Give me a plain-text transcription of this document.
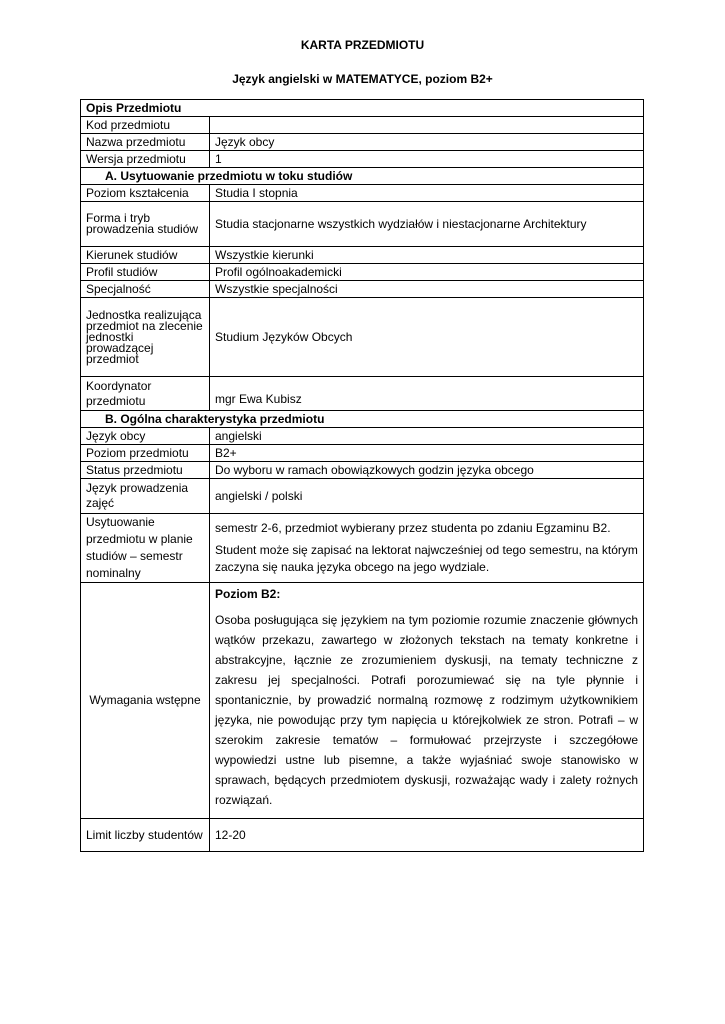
KARTA PRZEDMIOTU
Język angielski w MATEMATYCE, poziom B2+
Opis Przedmiotu	
Kod przedmiotu	
Nazwa przedmiotu	Język obcy
Wersja przedmiotu	1
A. Usytuowanie przedmiotu w toku studiów	
Poziom kształcenia	Studia I stopnia
Forma i tryb prowadzenia studiów	Studia stacjonarne wszystkich wydziałów i niestacjonarne Architektury
Kierunek studiów	Wszystkie kierunki
Profil studiów	Profil ogólnoakademicki
Specjalność	Wszystkie specjalności
Jednostka realizująca przedmiot na zlecenie jednostki prowadzącej przedmiot	Studium Języków Obcych
Koordynator przedmiotu	mgr Ewa Kubisz
B. Ogólna charakterystyka przedmiotu	
Język obcy	angielski
Poziom przedmiotu	B2+
Status przedmiotu	Do wyboru w ramach obowiązkowych godzin języka obcego
Język prowadzenia zajęć	angielski / polski
Usytuowanie przedmiotu w planie studiów – semestr nominalny	semestr 2-6, przedmiot wybierany przez studenta po zdaniu Egzaminu B2.

Student może się zapisać na lektorat najwcześniej od tego semestru, na którym zaczyna się nauka języka obcego na jego wydziale.

Wymagania wstępne	Poziom B2:

Osoba posługująca się językiem na tym poziomie rozumie znaczenie głównych wątków przekazu, zawartego w złożonych tekstach na tematy konkretne i abstrakcyjne, łącznie ze zrozumieniem dyskusji, na tematy techniczne z zakresu jej specjalności. Potrafi porozumiewać się na tyle płynnie i spontanicznie, by prowadzić normalną rozmowę z rodzimym użytkownikiem języka, nie powodując przy tym napięcia u którejkolwiek ze stron. Potrafi – w szerokim zakresie tematów – formułować przejrzyste i szczegółowe wypowiedzi ustne lub pisemne, a także wyjaśniać swoje stanowisko w sprawach, będących przedmiotem dyskusji, rozważając wady i zalety rożnych rozwiązań.

Limit liczby studentów	12-20
